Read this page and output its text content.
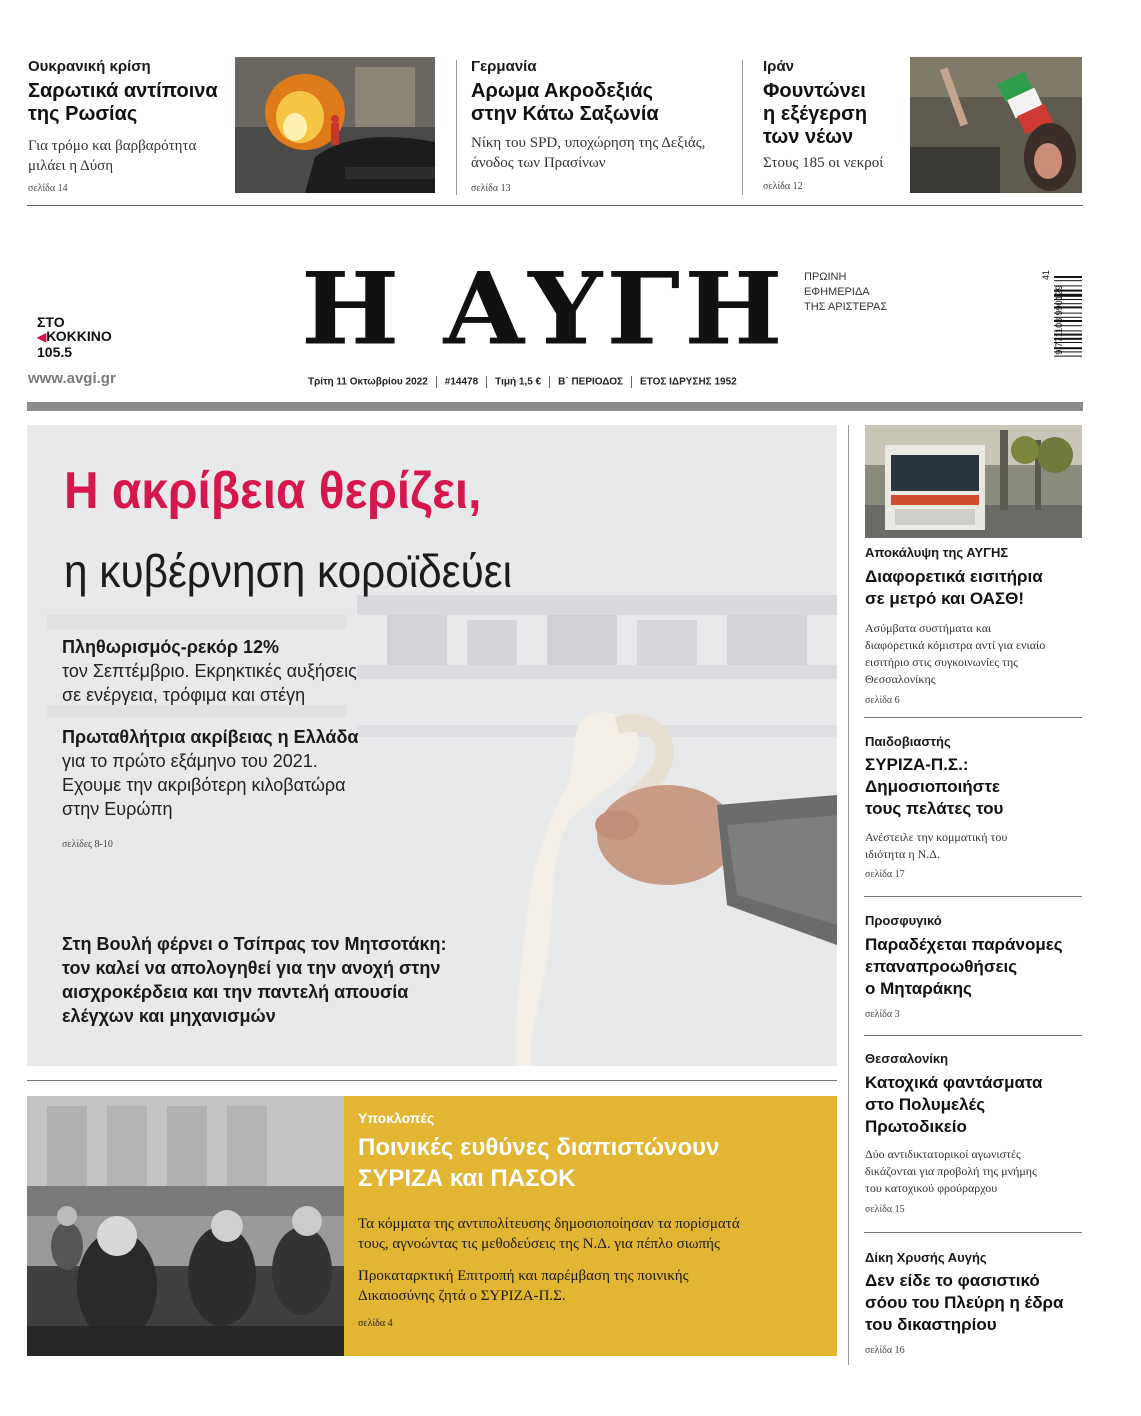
Ουκρανική κρίση
Σαρωτικά αντίποινα
της Ρωσίας
Για τρόμο και βαρβαρότητα
μιλάει η Δύση
σελίδα 14
Γερμανία
Αρωμα Ακροδεξιάς
στην Κάτω Σαξωνία
Νίκη του SPD, υποχώρηση της Δεξιάς,
άνοδος των Πρασίνων
σελίδα 13
Ιράν
Φουντώνει
η εξέγερση
των νέων
Στους 185 οι νεκροί
σελίδα 12
ΣΤΟ
◀ΚΟΚΚΙΝΟ
105.5
www.avgi.gr
Η ΑΥΓΗ	ΠΡΩΙΝΗ
ΕΦΗΜΕΡΙΔΑ
ΤΗΣ ΑΡΙΣΤΕΡΑΣ
Τρίτη 11 Οκτωβρίου 2022 #14478 Τιμή 1,5 € Β΄ ΠΕΡΙΟΔΟΣ ΕΤΟΣ ΙΔΡΥΣΗΣ 1952
9 771108 990129
41
Η ακρίβεια θερίζει,
η κυβέρνηση κοροϊδεύει
Πληθωρισμός-ρεκόρ 12%
τον Σεπτέμβριο. Εκρηκτικές αυξήσεις
σε ενέργεια, τρόφιμα και στέγη
Πρωταθλήτρια ακρίβειας η Ελλάδα
για το πρώτο εξάμηνο του 2021.
Εχουμε την ακριβότερη κιλοβατώρα
στην Ευρώπη
σελίδες 8-10
Στη Βουλή φέρνει ο Τσίπρας τον Μητσοτάκη:
τον καλεί να απολογηθεί για την ανοχή στην
αισχροκέρδεια και την παντελή απουσία
ελέγχων και μηχανισμών
Αποκάλυψη της ΑΥΓΗΣ
Διαφορετικά εισιτήρια
σε μετρό και ΟΑΣΘ!
Ασύμβατα συστήματα και
διαφορετικά κόμιστρα αντί για ενιαίο
εισιτήριο στις συγκοινωνίες της
Θεσσαλονίκης
σελίδα 6
Παιδοβιαστής
ΣΥΡΙΖΑ-Π.Σ.:
Δημοσιοποιήστε
τους πελάτες του
Ανέστειλε την κομματική του
ιδιότητα η Ν.Δ.
σελίδα 17
Προσφυγικό
Παραδέχεται παράνομες
επαναπροωθήσεις
ο Μηταράκης
σελίδα 3
Θεσσαλονίκη
Κατοχικά φαντάσματα
στο Πολυμελές
Πρωτοδικείο
Δύο αντιδικτατορικοί αγωνιστές
δικάζονται για προβολή της μνήμης
του κατοχικού φρούραρχου
σελίδα 15
Δίκη Χρυσής Αυγής
Δεν είδε το φασιστικό
σόου του Πλεύρη η έδρα
του δικαστηρίου
σελίδα 16
Υποκλοπές
Ποινικές ευθύνες διαπιστώνουν
ΣΥΡΙΖΑ και ΠΑΣΟΚ
Τα κόμματα της αντιπολίτευσης δημοσιοποίησαν τα πορίσματά
τους, αγνοώντας τις μεθοδεύσεις της Ν.Δ. για πέπλο σιωπής
Προκαταρκτική Επιτροπή και παρέμβαση της ποινικής
Δικαιοσύνης ζητά ο ΣΥΡΙΖΑ-Π.Σ.
σελίδα 4
